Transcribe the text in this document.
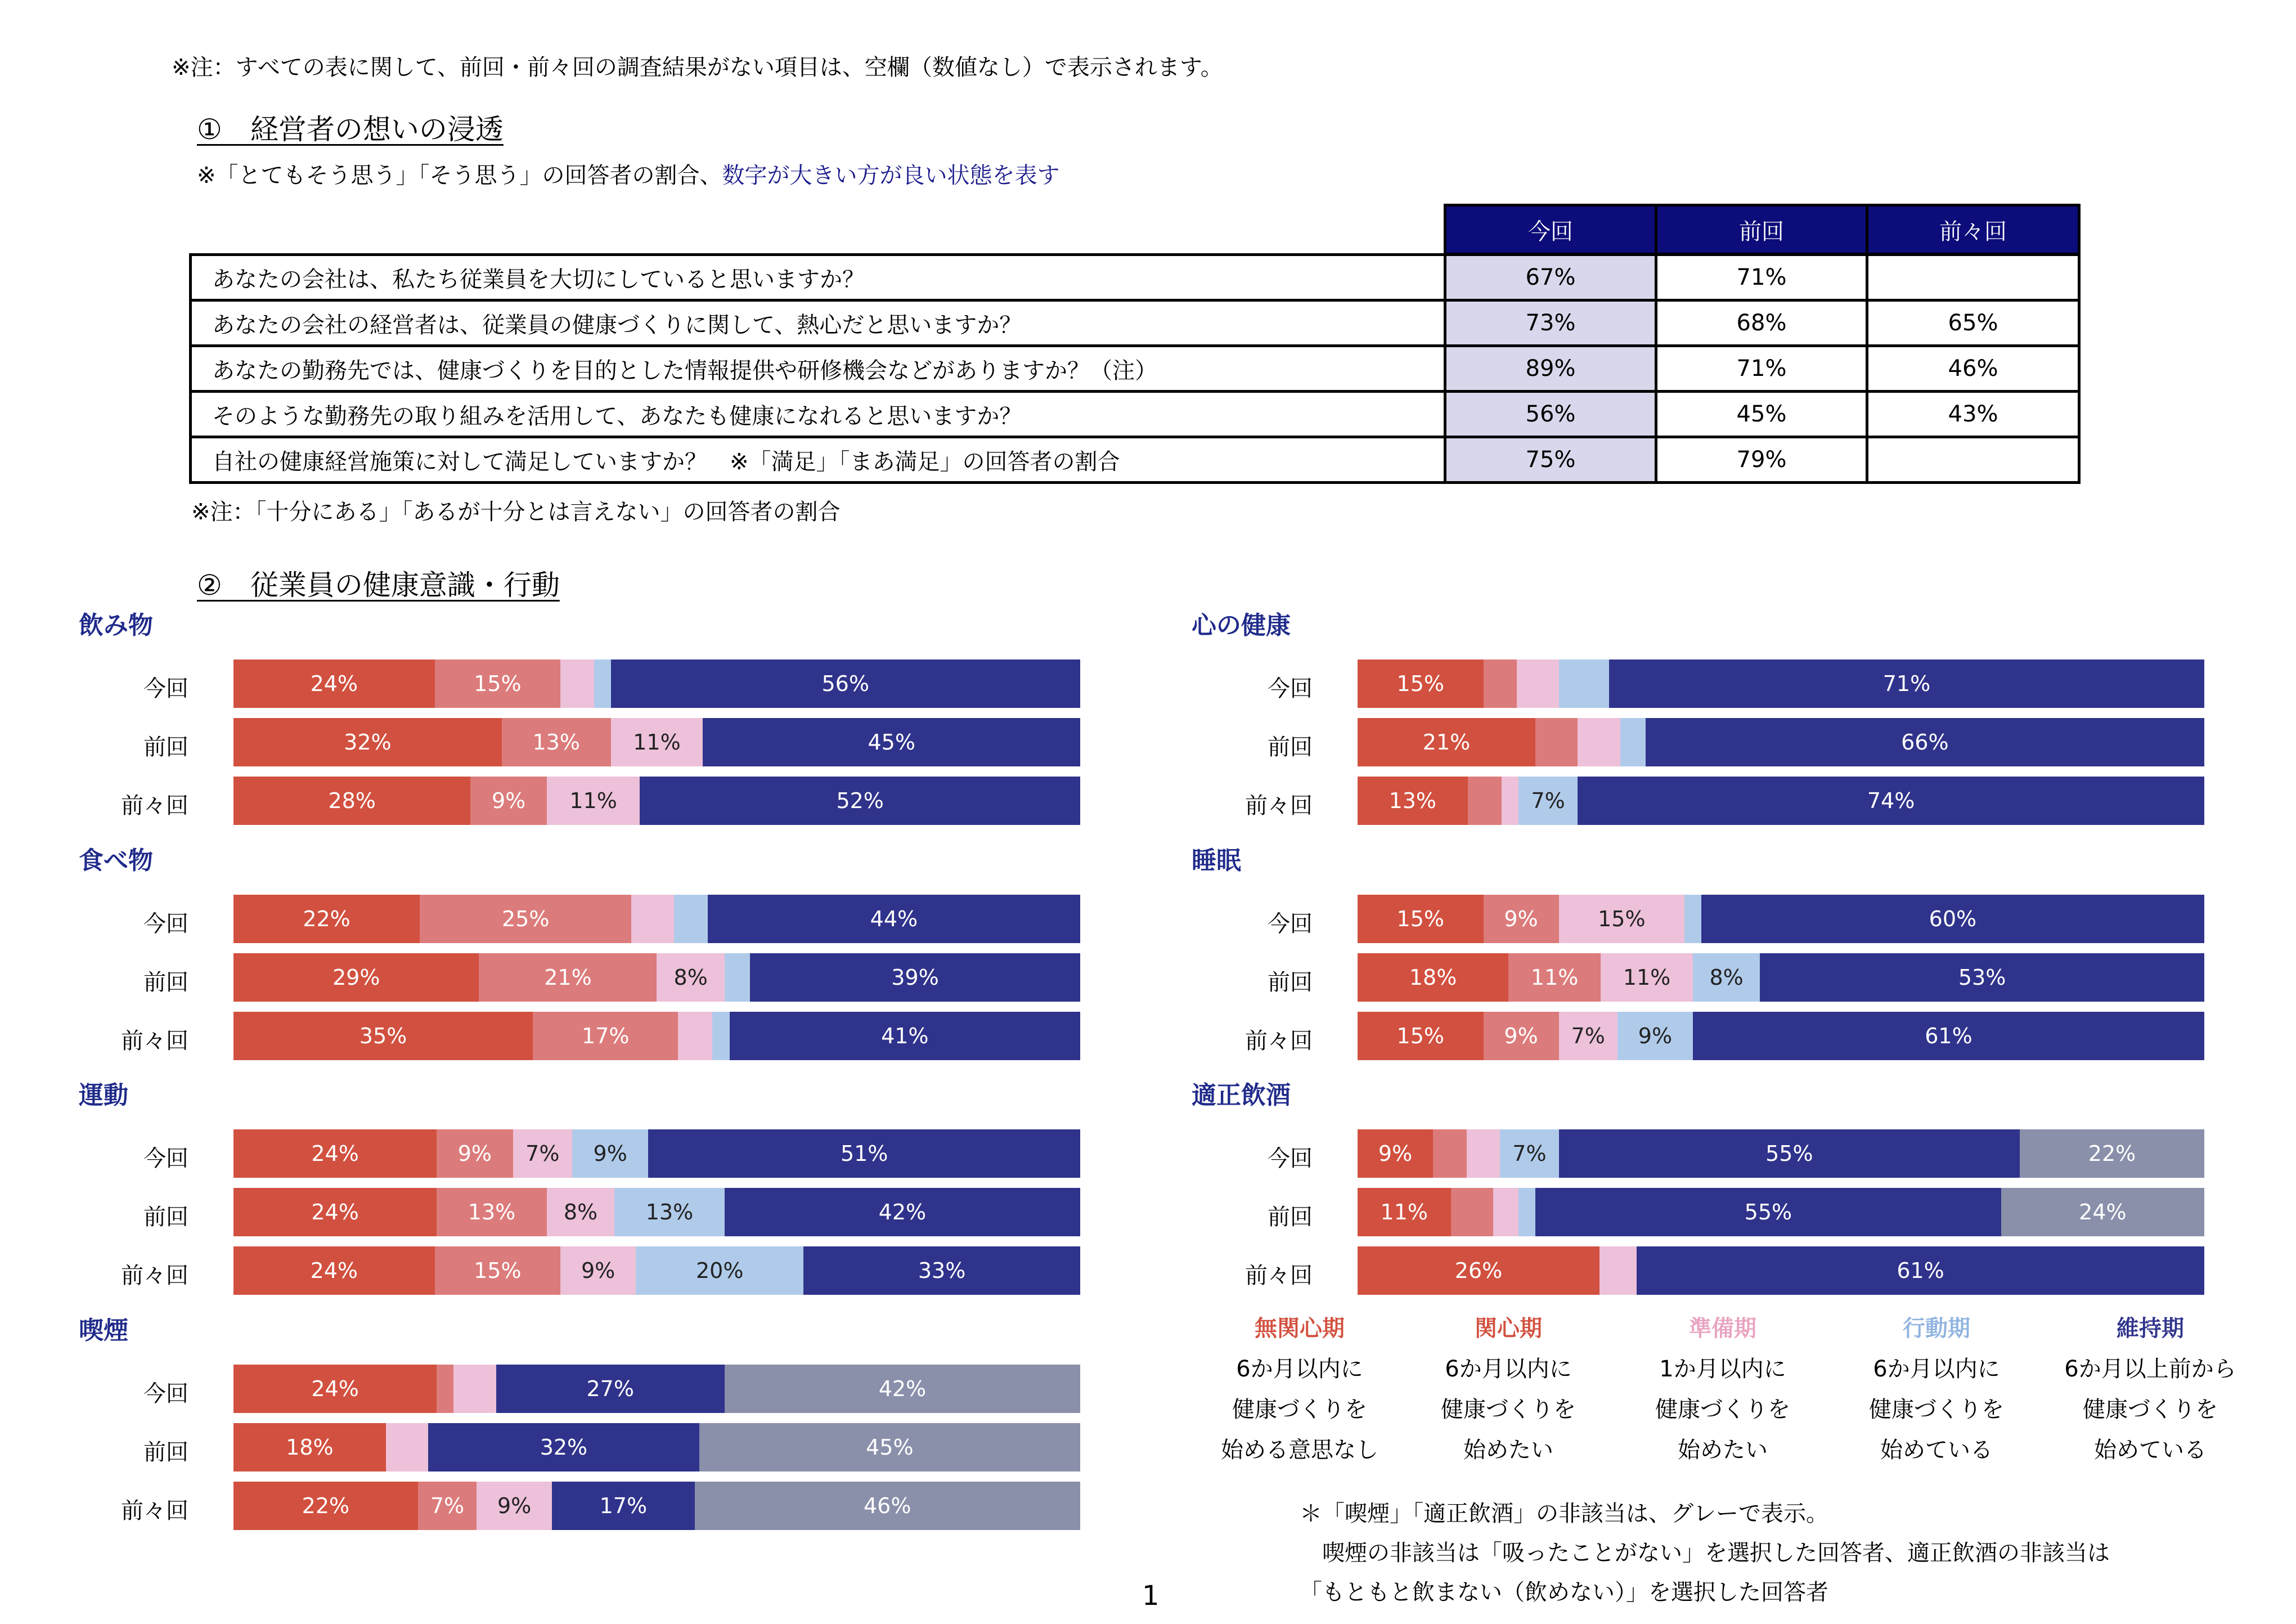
※注：すべての表に関して、前回・前々回の調査結果がない項目は、空欄（数値なし）で表示されます。
①　経営者の想いの浸透
※「とてもそう思う」「そう思う」の回答者の割合、数字が大きい方が良い状態を表す
今回	前回	前々回
あなたの会社は、私たち従業員を大切にしていると思いますか？	67%	71%
あなたの会社の経営者は、従業員の健康づくりに関して、熱心だと思いますか？	73%	68%	65%
あなたの勤務先では、健康づくりを目的とした情報提供や研修機会などがありますか？（注）	89%	71%	46%
そのような勤務先の取り組みを活用して、あなたも健康になれると思いますか？	56%	45%	43%
自社の健康経営施策に対して満足していますか？　※「満足」「まあ満足」の回答者の割合	75%	79%
※注：「十分にある」「あるが十分とは言えない」の回答者の割合
②　従業員の健康意識・行動
飲み物
今回	24%	15%	56%
前回	32%	13%	11%	45%
前々回	28%	9%	11%	52%
食べ物
今回	22%	25%	44%
前回	29%	21%	8%	39%
前々回	35%	17%	41%
運動
今回	24%	9%	7%	9%	51%
前回	24%	13%	8%	13%	42%
前々回	24%	15%	9%	20%	33%
喫煙
今回	24%	27%	42%
前回	18%	32%	45%
前々回	22%	7%	9%	17%	46%
心の健康
今回	15%	71%
前回	21%	66%
前々回	13%	7%	74%
睡眠
今回	15%	9%	15%	60%
前回	18%	11%	11%	8%	53%
前々回	15%	9%	7%	9%	61%
適正飲酒
今回	9%	7%	55%	22%
前回	11%	55%	24%
前々回	26%	61%
無関心期
6か月以内に
健康づくりを
始める意思なし
関心期
6か月以内に
健康づくりを
始めたい
準備期
1か月以内に
健康づくりを
始めたい
行動期
6か月以内に
健康づくりを
始めている
維持期
6か月以上前から
健康づくりを
始めている
＊「喫煙」「適正飲酒」の非該当は、グレーで表示。
　喫煙の非該当は「吸ったことがない」を選択した回答者、適正飲酒の非該当は
「もともと飲まない（飲めない）」を選択した回答者
1
